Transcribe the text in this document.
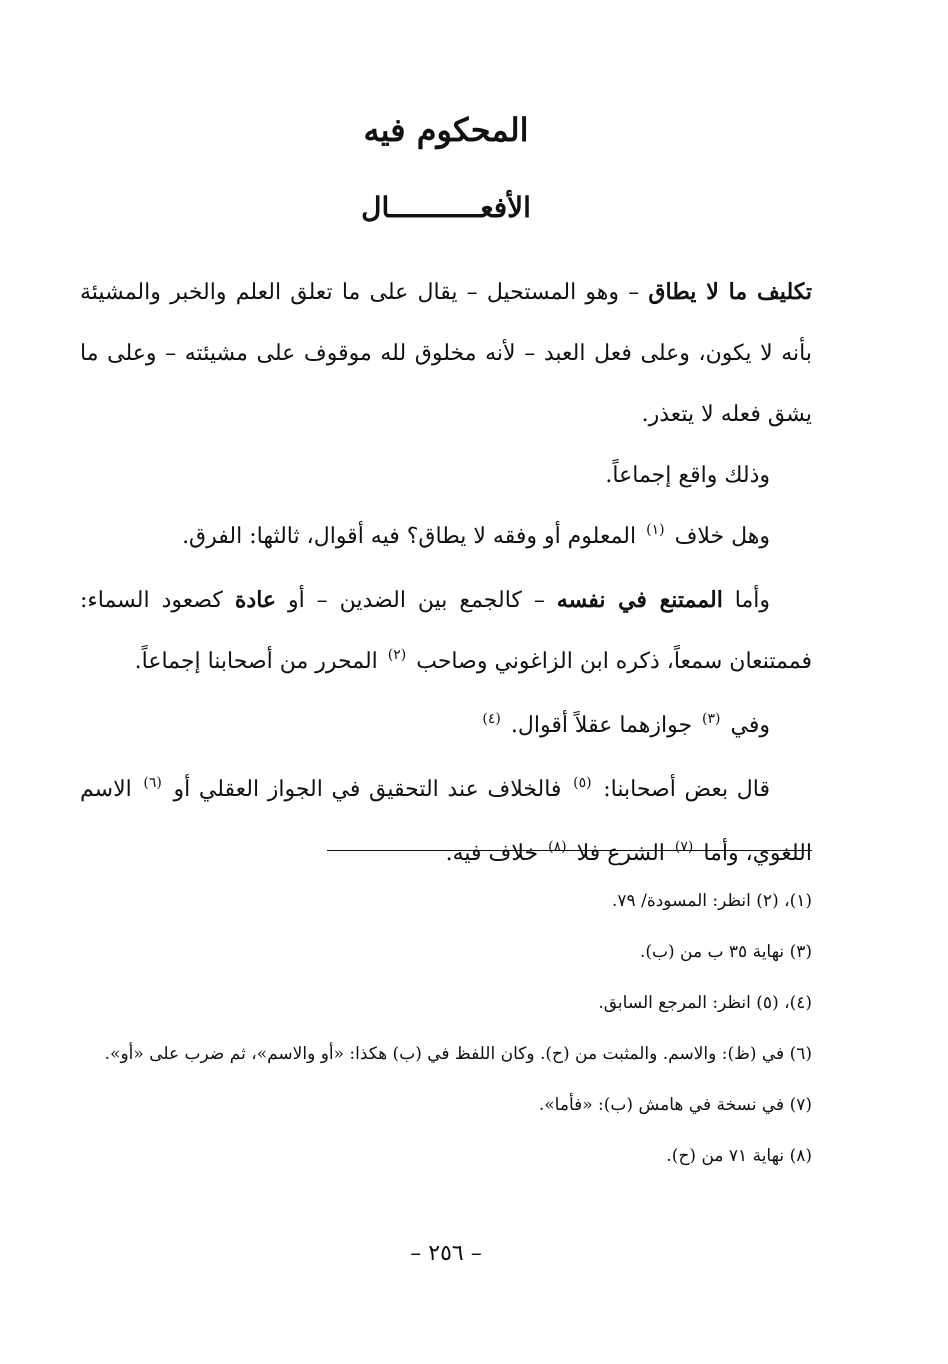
المحكوم فيه
الأفعـــــــــــال

تكليف ما لا يطاق – وهو المستحيل – يقال على ما تعلق العلم والخبر والمشيئة بأنه لا يكون، وعلى فعل العبد – لأنه مخلوق لله موقوف على مشيئته – وعلى ما يشق فعله لا يتعذر.

وذلك واقع إجماعاً.

وهل خلاف $^{(١)}$ المعلوم أو وفقه لا يطاق؟ فيه أقوال، ثالثها: الفرق.

وأما الممتنع في نفسه – كالجمع بين الضدين – أو عادة كصعود السماء: فممتنعان سمعاً، ذكره ابن الزاغوني وصاحب $^{(٢)}$ المحرر من أصحابنا إجماعاً.

وفي $^{(٣)}$ جوازهما عقلاً أقوال. $^{(٤)}$

قال بعض أصحابنا: $^{(٥)}$ فالخلاف عند التحقيق في الجواز العقلي أو $^{(٦)}$ الاسم اللغوي، وأما $^{(٧)}$ الشرع فلا $^{(٨)}$ خلاف فيه.

(١)، (٢) انظر: المسودة/ ٧٩.

(٣) نهاية ٣٥ ب من (ب).

(٤)، (٥) انظر: المرجع السابق.

(٦) في (ظ): والاسم. والمثبت من (ح). وكان اللفظ في (ب) هكذا: «أو والاسم»، ثم ضرب على «أو».

(٧) في نسخة في هامش (ب): «فأما».

(٨) نهاية ٧١ من (ح).

– ٢٥٦ –
